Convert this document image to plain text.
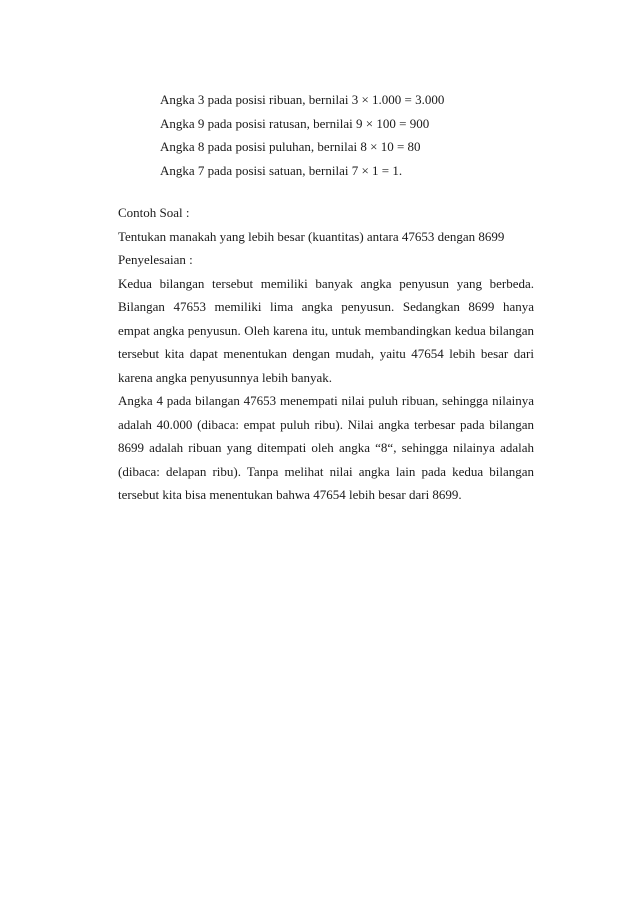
Angka 3 pada posisi ribuan, bernilai 3 × 1.000 = 3.000
Angka 9 pada posisi ratusan, bernilai 9 × 100 = 900
Angka 8 pada posisi puluhan, bernilai 8 × 10 = 80
Angka 7 pada posisi satuan, bernilai 7 × 1 = 1.
Contoh Soal :
Tentukan manakah yang lebih besar (kuantitas) antara 47653 dengan 8699
Penyelesaian :
Kedua bilangan tersebut memiliki banyak angka penyusun yang berbeda.
Bilangan 47653 memiliki lima angka penyusun. Sedangkan 8699 hanya
empat angka penyusun. Oleh karena itu, untuk membandingkan kedua bilangan
tersebut kita dapat menentukan dengan mudah, yaitu 47654 lebih besar dari
karena angka penyusunnya lebih banyak.
Angka 4 pada bilangan 47653 menempati nilai puluh ribuan, sehingga nilainya
adalah 40.000 (dibaca: empat puluh ribu). Nilai angka terbesar pada bilangan
8699 adalah ribuan yang ditempati oleh angka “8“, sehingga nilainya adalah
(dibaca: delapan ribu). Tanpa melihat nilai angka lain pada kedua bilangan
tersebut kita bisa menentukan bahwa 47654 lebih besar dari 8699.
